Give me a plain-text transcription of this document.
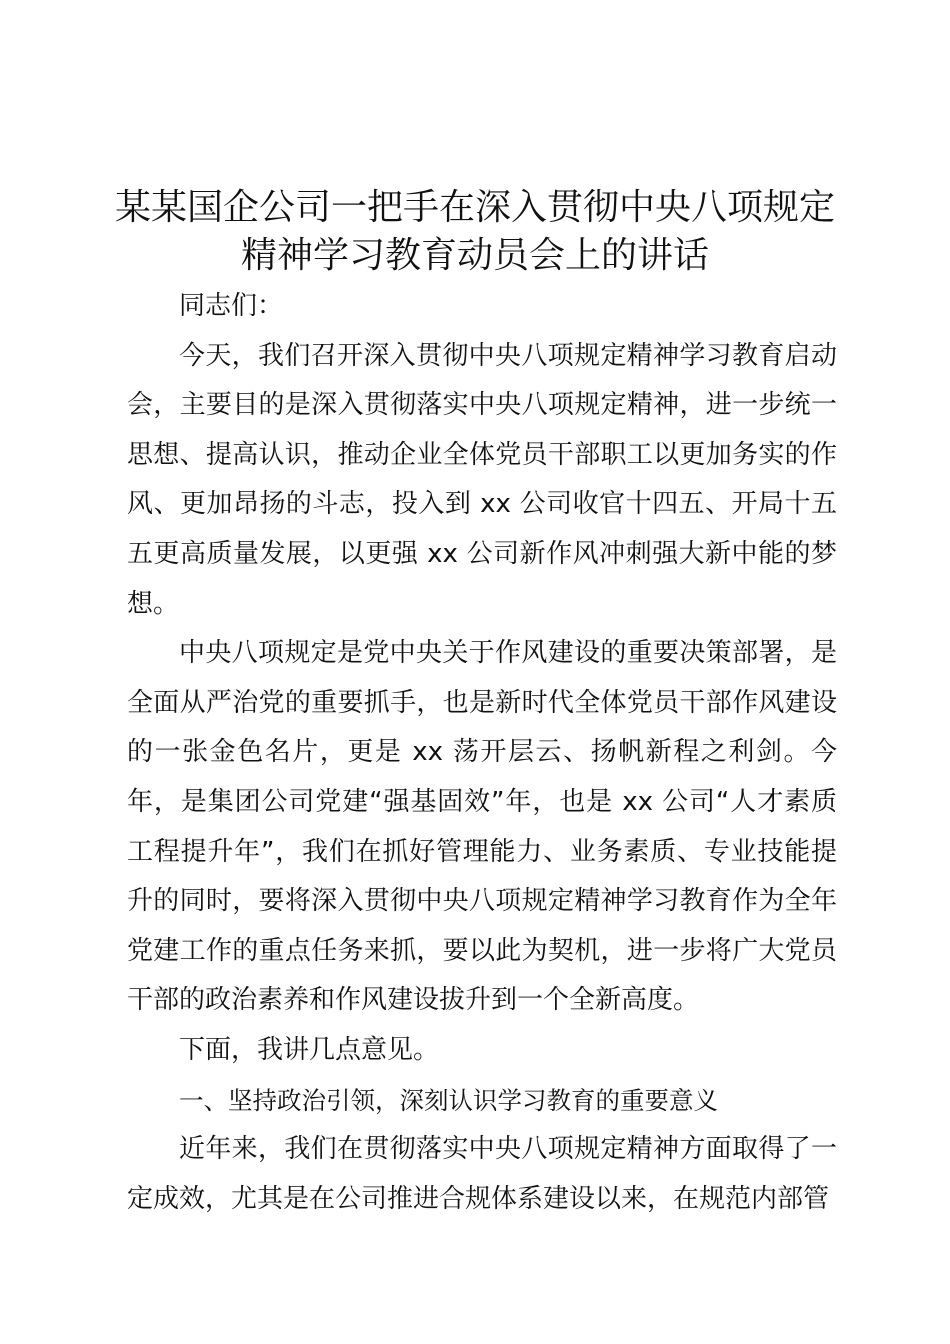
某某国企公司一把手在深入贯彻中央八项规定
精神学习教育动员会上的讲话

同志们：

今天，我们召开深入贯彻中央八项规定精神学习教育启动会，主要目的是深入贯彻落实中央八项规定精神，进一步统一思想、提高认识，推动企业全体党员干部职工以更加务实的作风、更加昂扬的斗志，投入到 xx 公司收官十四五、开局十五五更高质量发展，以更强 xx 公司新作风冲刺强大新中能的梦想。

中央八项规定是党中央关于作风建设的重要决策部署，是全面从严治党的重要抓手，也是新时代全体党员干部作风建设的一张金色名片，更是 xx 荡开层云、扬帆新程之利剑。今年，是集团公司党建“强基固效”年，也是 xx 公司“人才素质工程提升年”，我们在抓好管理能力、业务素质、专业技能提升的同时，要将深入贯彻中央八项规定精神学习教育作为全年党建工作的重点任务来抓，要以此为契机，进一步将广大党员干部的政治素养和作风建设拔升到一个全新高度。

下面，我讲几点意见。

一、坚持政治引领，深刻认识学习教育的重要意义

近年来，我们在贯彻落实中央八项规定精神方面取得了一定成效，尤其是在公司推进合规体系建设以来，在规范内部管
